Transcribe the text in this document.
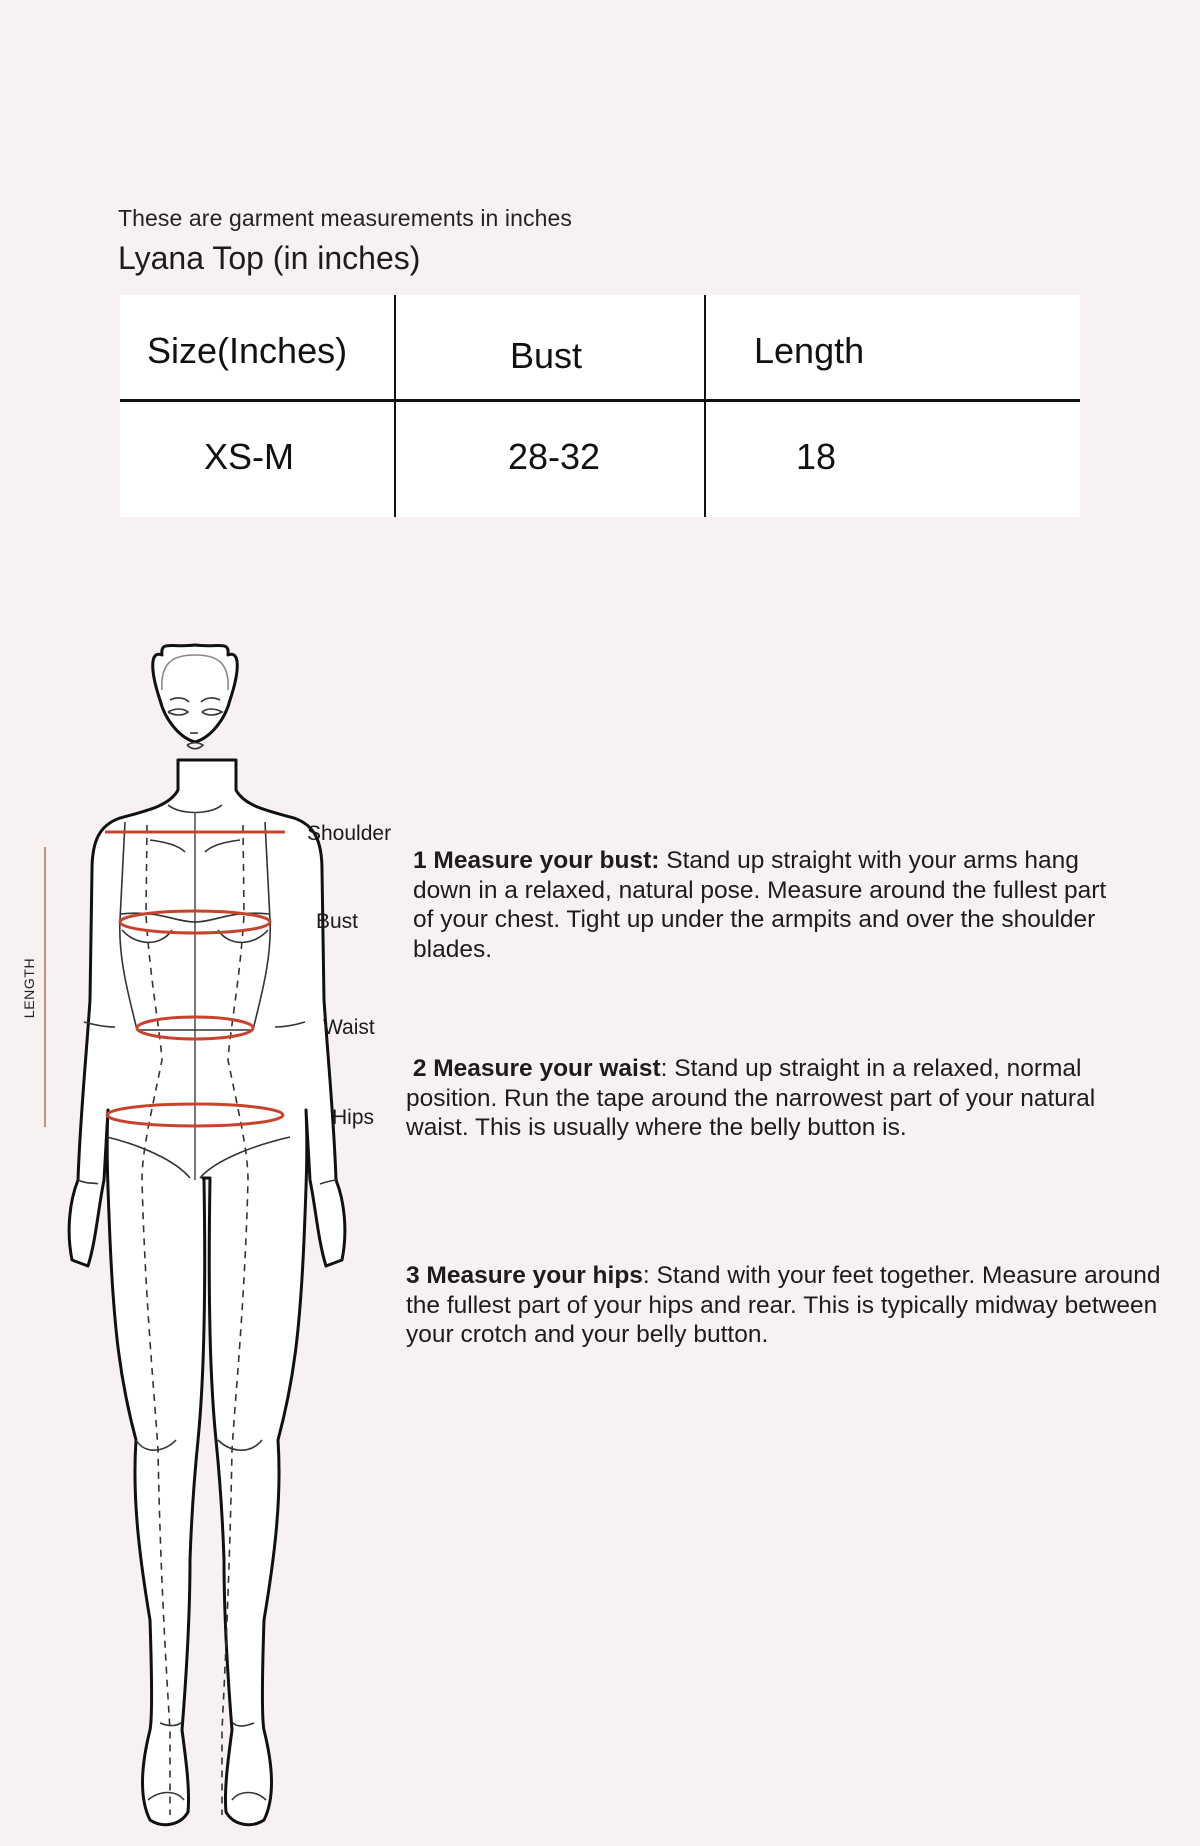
These are garment measurements in inches
Lyana Top (in inches)
Size(Inches)	Bust	Length
XS-M	28-32	18
LENGTH
Shoulder
Bust
Waist
Hips
1 Measure your bust: Stand up straight with your arms hang down in a relaxed, natural pose. Measure around the fullest part of your chest. Tight up under the armpits and over the shoulder blades.
2 Measure your waist: Stand up straight in a relaxed, normal position. Run the tape around the narrowest part of your natural waist. This is usually where the belly button is.
3 Measure your hips: Stand with your feet together. Measure around the fullest part of your hips and rear. This is typically midway between your crotch and your belly button.
